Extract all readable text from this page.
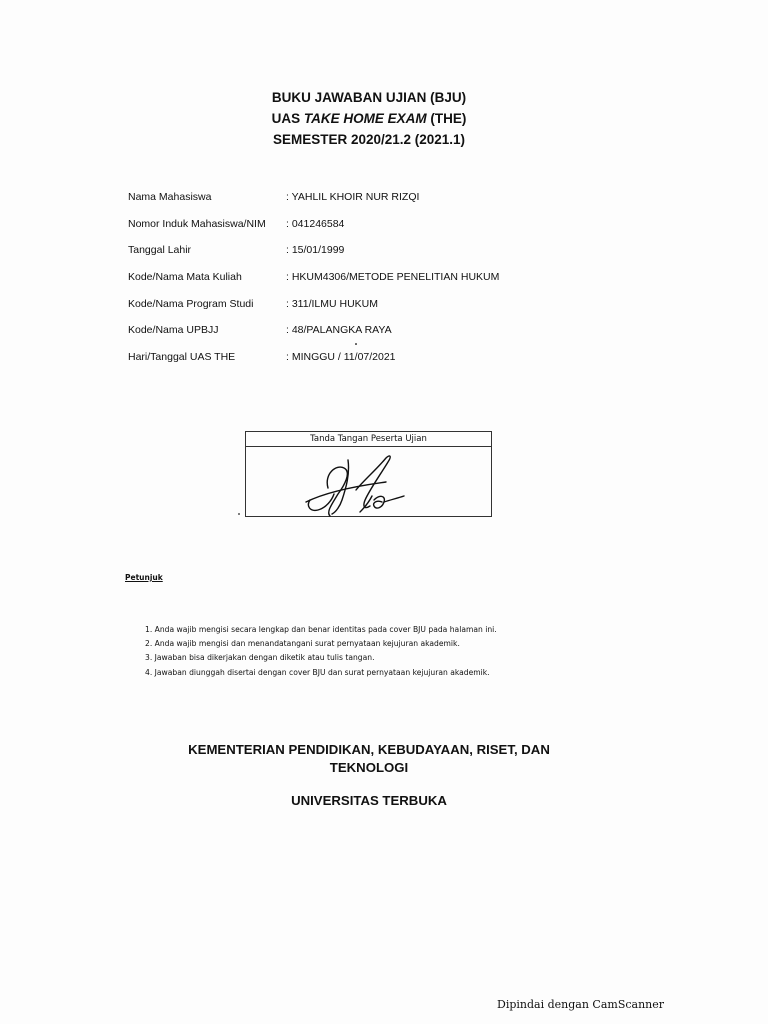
BUKU JAWABAN UJIAN (BJU)
UAS TAKE HOME EXAM (THE)
SEMESTER 2020/21.2 (2021.1)
Nama Mahasiswa	: YAHLIL KHOIR NUR RIZQI
Nomor Induk Mahasiswa/NIM : 041246584
Tanggal Lahir	: 15/01/1999
Kode/Nama Mata Kuliah	: HKUM4306/METODE PENELITIAN HUKUM
Kode/Nama Program Studi	: 311/ILMU HUKUM
Kode/Nama UPBJJ	: 48/PALANGKA RAYA
Hari/Tanggal UAS THE	: MINGGU / 11/07/2021
Tanda Tangan Peserta Ujian
Petunjuk
1. Anda wajib mengisi secara lengkap dan benar identitas pada cover BJU pada halaman ini.
2. Anda wajib mengisi dan menandatangani surat pernyataan kejujuran akademik.
3. Jawaban bisa dikerjakan dengan diketik atau tulis tangan.
4. Jawaban diunggah disertai dengan cover BJU dan surat pernyataan kejujuran akademik.
KEMENTERIAN PENDIDIKAN, KEBUDAYAAN, RISET, DAN
TEKNOLOGI
UNIVERSITAS TERBUKA
Dipindai dengan CamScanner
